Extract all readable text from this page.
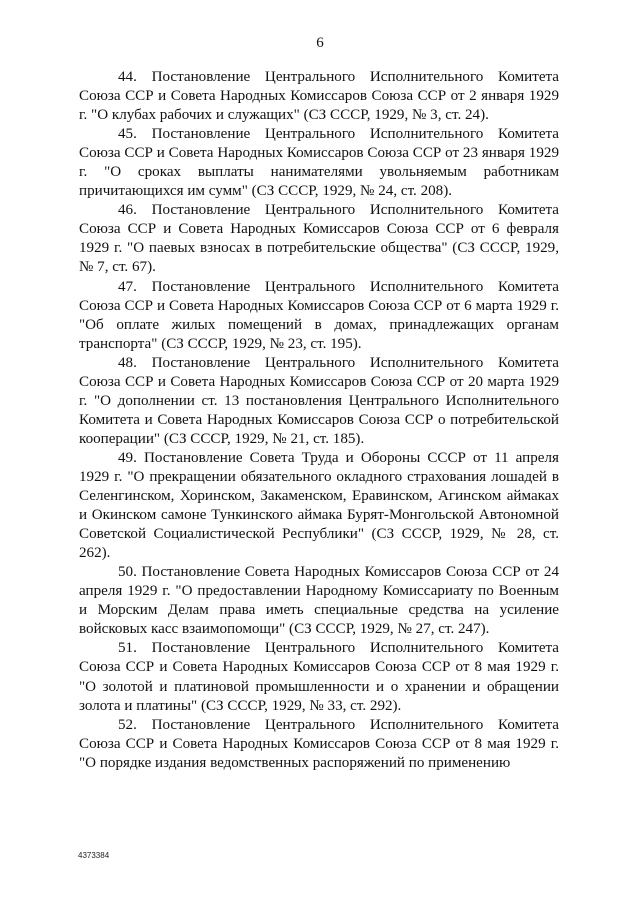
6

44. Постановление Центрального Исполнительного Комитета Союза ССР и Совета Народных Комиссаров Союза ССР от 2 января 1929 г. "О клубах рабочих и служащих" (СЗ СССР, 1929, № 3, ст. 24).

45. Постановление Центрального Исполнительного Комитета Союза ССР и Совета Народных Комиссаров Союза ССР от 23 января 1929 г. "О сроках выплаты нанимателями увольняемым работникам причитающихся им сумм" (СЗ СССР, 1929, № 24, ст. 208).

46. Постановление Центрального Исполнительного Комитета Союза ССР и Совета Народных Комиссаров Союза ССР от 6 февраля 1929 г. "О паевых взносах в потребительские общества" (СЗ СССР, 1929, № 7, ст. 67).

47. Постановление Центрального Исполнительного Комитета Союза ССР и Совета Народных Комиссаров Союза ССР от 6 марта 1929 г. "Об оплате жилых помещений в домах, принадлежащих органам транспорта" (СЗ СССР, 1929, № 23, ст. 195).

48. Постановление Центрального Исполнительного Комитета Союза ССР и Совета Народных Комиссаров Союза ССР от 20 марта 1929 г. "О дополнении ст. 13 постановления Центрального Исполнительного Комитета и Совета Народных Комиссаров Союза ССР о потребительской кооперации" (СЗ СССР, 1929, № 21, ст. 185).

49. Постановление Совета Труда и Обороны СССР от 11 апреля 1929 г. "О прекращении обязательного окладного страхования лошадей в Селенгинском, Хоринском, Закаменском, Еравинском, Агинском аймаках и Окинском самоне Тункинского аймака Бурят-Монгольской Автономной Советской Социалистической Республики" (СЗ СССР, 1929, № 28, ст. 262).

50. Постановление Совета Народных Комиссаров Союза ССР от 24 апреля 1929 г. "О предоставлении Народному Комиссариату по Военным и Морским Делам права иметь специальные средства на усиление войсковых касс взаимопомощи" (СЗ СССР, 1929, № 27, ст. 247).

51. Постановление Центрального Исполнительного Комитета Союза ССР и Совета Народных Комиссаров Союза ССР от 8 мая 1929 г. "О золотой и платиновой промышленности и о хранении и обращении золота и платины" (СЗ СССР, 1929, № 33, ст. 292).

52. Постановление Центрального Исполнительного Комитета Союза ССР и Совета Народных Комиссаров Союза ССР от 8 мая 1929 г. "О порядке издания ведомственных распоряжений по применению

4373384
